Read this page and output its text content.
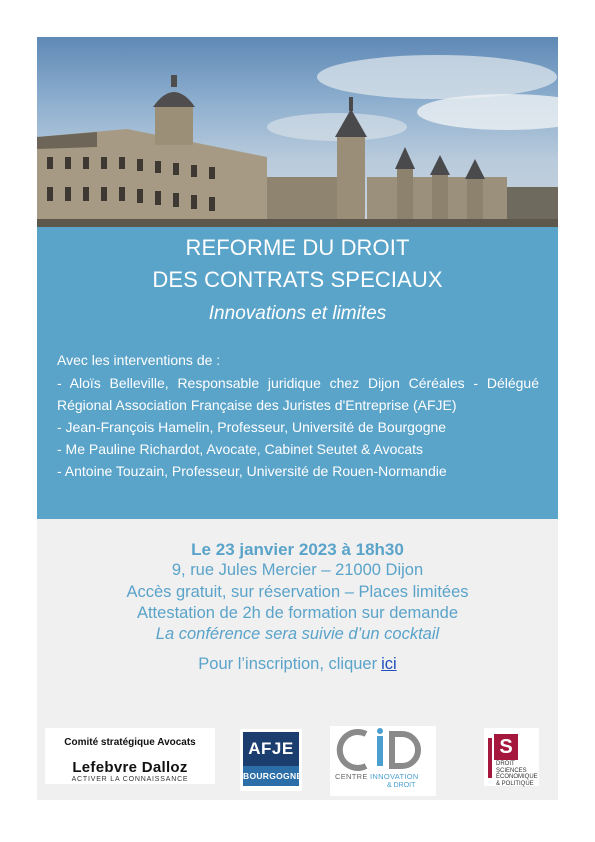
REFORME DU DROIT
DES CONTRATS SPECIAUX
Innovations et limites

Avec les interventions de :

- Aloïs Belleville, Responsable juridique chez Dijon Céréales - Délégué Régional Association Française des Juristes d'Entreprise (AFJE)

- Jean-François Hamelin, Professeur, Université de Bourgogne

- Me Pauline Richardot, Avocate, Cabinet Seutet & Avocats

- Antoine Touzain, Professeur, Université de Rouen-Normandie

Le 23 janvier 2023 à 18h30
9, rue Jules Mercier – 21000 Dijon
Accès gratuit, sur réservation – Places limitées
Attestation de 2h de formation sur demande
La conférence sera suivie d’un cocktail
Pour l’inscription, cliquer ici
Comité stratégique Avocats
Lefebvre Dalloz
ACTIVER LA CONNAISSANCE
AFJE
BOURGOGNE	CENTRE INNOVATION
& DROIT
S
DROIT SCIENCES ÉCONOMIQUE & POLITIQUE
